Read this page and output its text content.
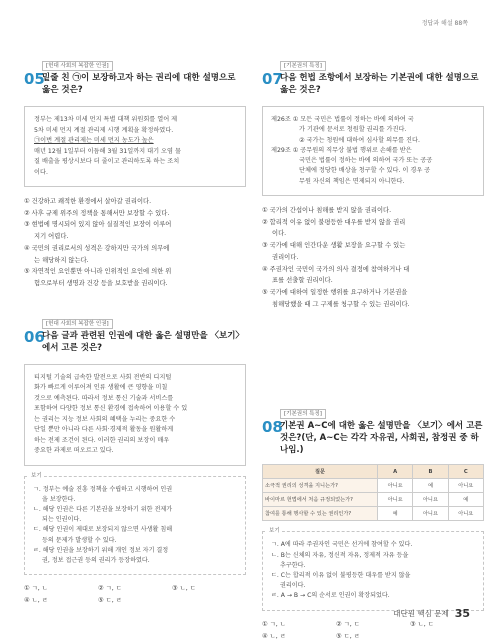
정답과 해설 88쪽
[헌대 사회의 복잡한 인권]
05
밑줄 친 ㉠이 보장하고자 하는 권리에 대한 설명으로 옳은 것은?
정부는 제13차 미세 먼지 특별 대책 위원회를 열어 제
5차 미세 먼지 계절 관리제 시행 계획을 확정하였다.
㉠이번 계절 관리제는 미세 먼지 농도가 높은
매년 12월 1일부터 이듬해 3월 31일까지 대기 오염 물
질 배출을 평상시보다 더 줄이고 관리하도록 하는 조치
이다.
① 건강하고 쾌적한 환경에서 살아갈 권리이다.
② 사후 규제 위주의 정책을 통해서만 보장할 수 있다.
③ 현법에 명시되어 있지 않아 실질적인 보장이 이루어
지기 어렵다.
④ 국민의 권리로서의 성격은 강하지만 국가의 의무에
는 해당하지 않는다.
⑤ 자연적인 요인뿐만 아니라 인위적인 요인에 의한 위
험으로부터 생명과 건강 등을 보호받을 권리이다.
[헌대 사회의 복잡한 인권]
06
다음 글과 관련된 인권에 대한 옳은 설명만을 〈보기〉에서 고른 것은?
티지털 기술의 급속한 발전으로 사회 전반의 디지털
화가 빠르게 이루어져 인류 생활에 큰 영향을 미칠
것으로 예측된다. 따라서 정보 통신 기술과 서비스를
포함하여 다양한 정보 통신 환경에 접속하여 이용할 수 있
는 권리는 지능 정보 사회의 혜택을 누리는 중요한 수
단일 뿐만 아니라 다른 사회·경제적 활동을 원활하게
하는 전제 조건이 된다. 이러한 권리의 보장이 매우
중요한 과제로 떠오르고 있다.
보기
ㄱ. 정부는 예술 진흥 정책을 수립하고 시행하여 인권
을 보장한다.
ㄴ. 해당 인권은 다른 기본권을 보장하기 위한 전제가
되는 인권이다.
ㄷ. 해당 인권이 제대로 보장되지 않으면 사생활 침해
등의 문제가 발생할 수 있다.
ㄹ. 해당 인권을 보장하기 위해 개인 정보 자기 결정
권, 정보 접근권 등의 권리가 등장하였다.
① ㄱ, ㄴ	② ㄱ, ㄷ	③ ㄴ, ㄷ
④ ㄴ, ㄹ	⑤ ㄷ, ㄹ
[기본권의 특징]
07
다음 헌법 조항에서 보장하는 기본권에 대한 설명으로 옳은 것은?
제26조 ① 모든 국민은 법률이 정하는 바에 의하여 국
가 기관에 문서로 청원할 권리를 가진다.
② 국가는 청원에 대하여 심사할 의무를 진다.
제29조 ① 공무원의 직무상 불법 행위로 손해를 받은
국민은 법률이 정하는 바에 의하여 국가 또는 공공
단체에 정당한 배상을 청구할 수 있다. 이 경우 공
무원 자신의 책임은 면제되지 아니한다.
① 국가의 간섭이나 침해를 받지 않을 권리이다.
② 합리적 이유 없이 불평등한 대우를 받지 않을 권리
이다.
③ 국가에 대해 인간다운 생활 보장을 요구할 수 있는
권리이다.
④ 주권자인 국민이 국가의 의사 결정에 참여하거나 대
표를 선출할 권리이다.
⑤ 국가에 대하여 일정한 행위를 요구하거나 기본권을
침해당했을 때 그 구제를 청구할 수 있는 권리이다.
[기본권의 특징]
08
기본권 A~C에 대한 옳은 설명만을 〈보기〉에서 고른 것은?(단, A~C는 각각 자유권, 사회권, 참정권 중 하나임.)
질문	A	B	C
소극적 권리의 성격을 지니는가?	아니요	예	아니요
바이마르 헌법에서 처음 규정되었는가?	아니요	아니요	예
참여를 통해 행사할 수 있는 권리인가?	예	아니요	아니요
보기
ㄱ. A에 따라 주권자인 국민은 선거에 참여할 수 있다.
ㄴ. B는 신체의 자유, 정신적 자유, 정제적 자유 등을
추구한다.
ㄷ. C는 합리적 이유 없이 불평등한 대우를 받지 않을
권리이다.
ㄹ. A → B → C의 순서로 인권이 확장되었다.
① ㄱ, ㄴ	② ㄱ, ㄷ	③ ㄴ, ㄷ
④ ㄴ, ㄹ	⑤ ㄷ, ㄹ
대단원 핵심 문제 35
